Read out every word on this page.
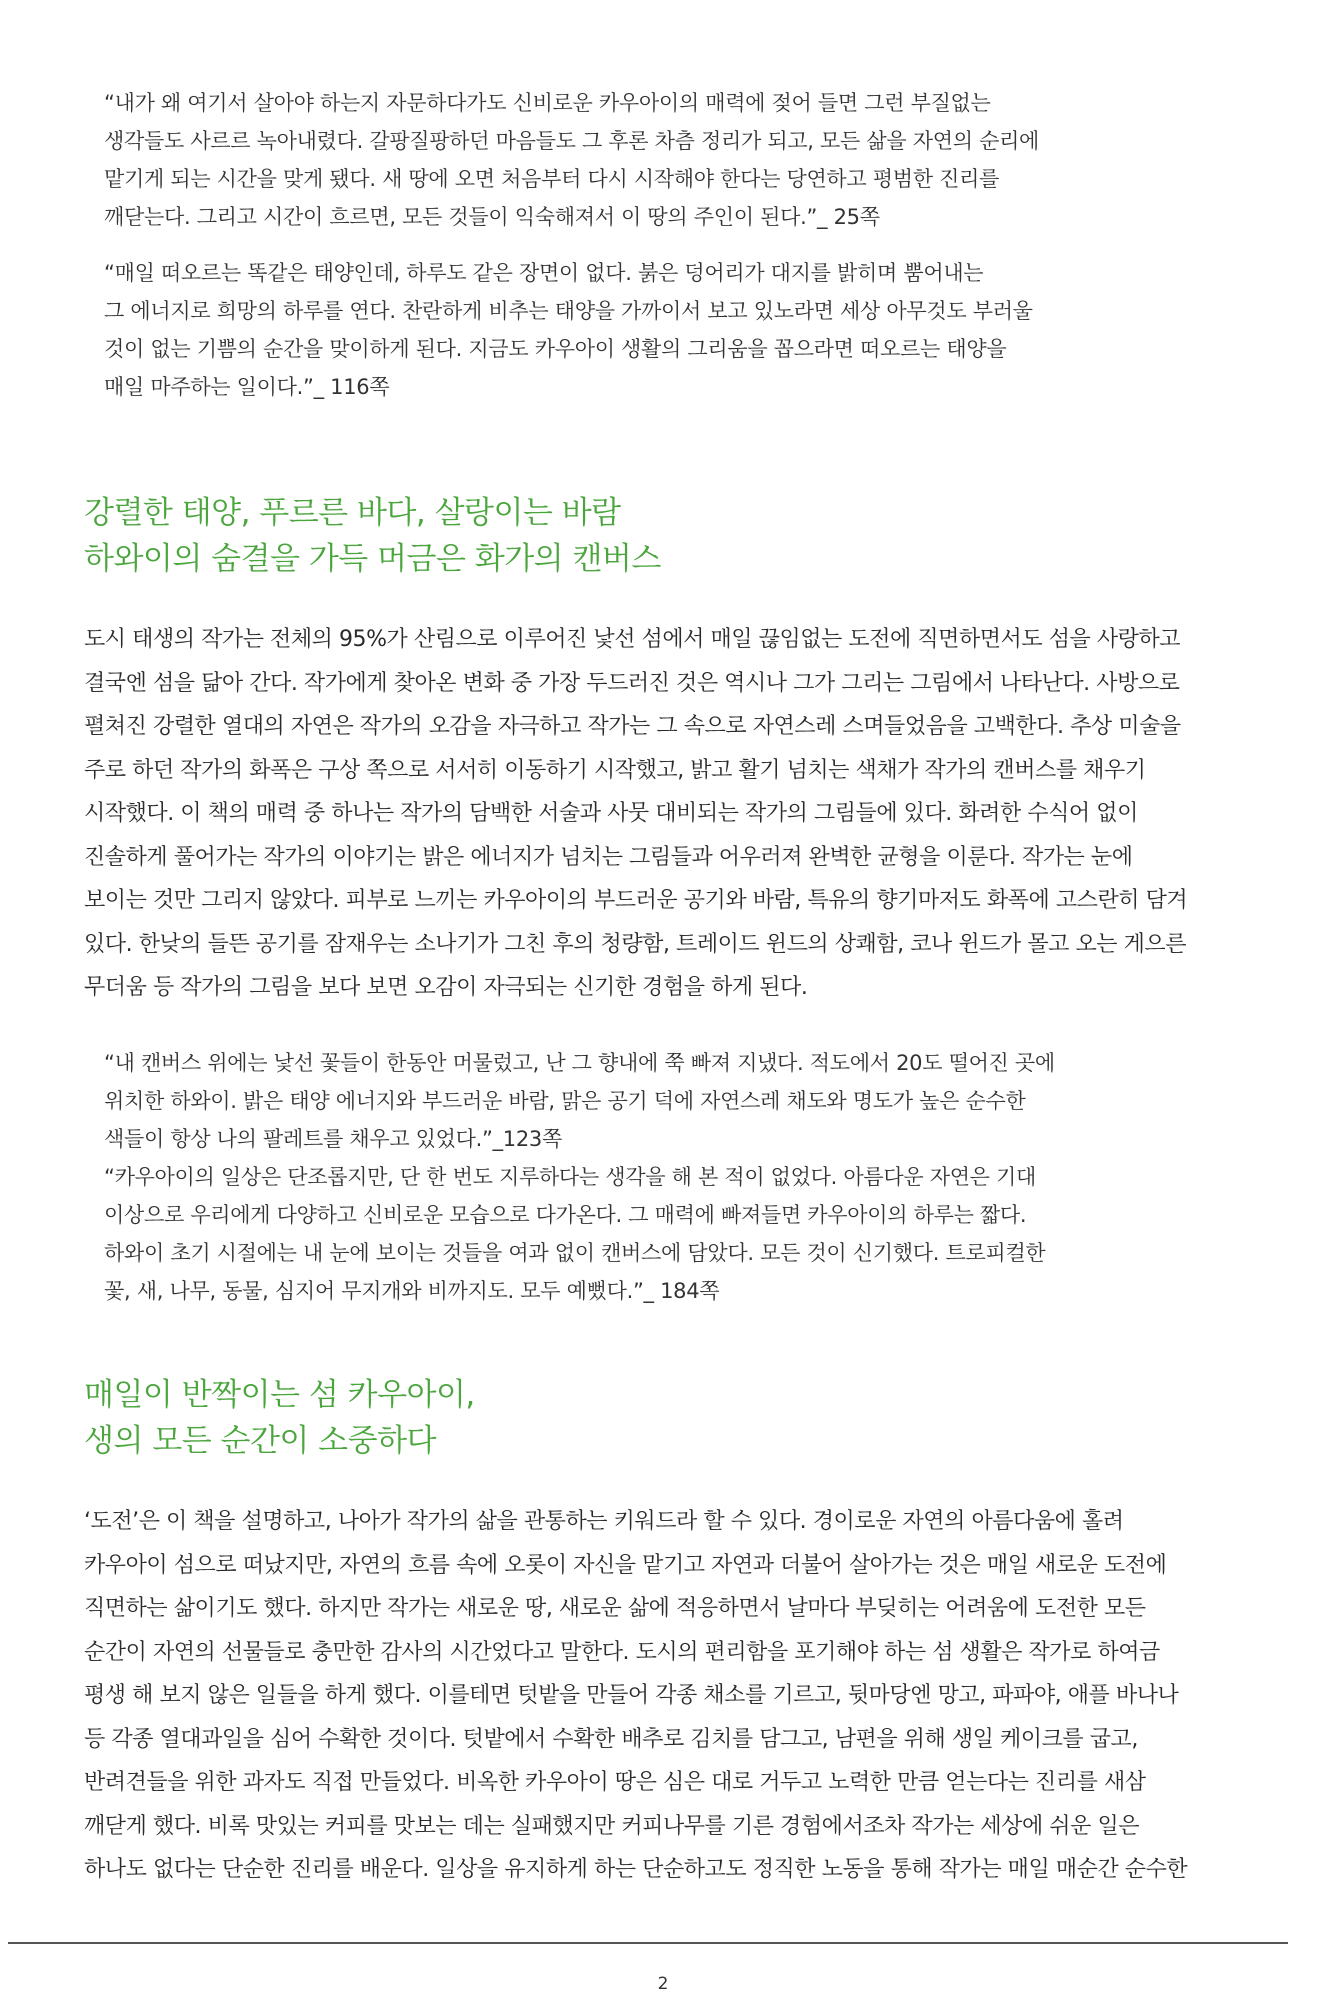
“내가 왜 여기서 살아야 하는지 자문하다가도 신비로운 카우아이의 매력에 젖어 들면 그런 부질없는
생각들도 사르르 녹아내렸다. 갈팡질팡하던 마음들도 그 후론 차츰 정리가 되고, 모든 삶을 자연의 순리에
맡기게 되는 시간을 맞게 됐다. 새 땅에 오면 처음부터 다시 시작해야 한다는 당연하고 평범한 진리를
깨닫는다. 그리고 시간이 흐르면, 모든 것들이 익숙해져서 이 땅의 주인이 된다.”_ 25쪽
“매일 떠오르는 똑같은 태양인데, 하루도 같은 장면이 없다. 붉은 덩어리가 대지를 밝히며 뿜어내는
그 에너지로 희망의 하루를 연다. 찬란하게 비추는 태양을 가까이서 보고 있노라면 세상 아무것도 부러울
것이 없는 기쁨의 순간을 맞이하게 된다. 지금도 카우아이 생활의 그리움을 꼽으라면 떠오르는 태양을
매일 마주하는 일이다.”_ 116쪽
강렬한 태양, 푸르른 바다, 살랑이는 바람
하와이의 숨결을 가득 머금은 화가의 캔버스
도시 태생의 작가는 전체의 95%가 산림으로 이루어진 낯선 섬에서 매일 끊임없는 도전에 직면하면서도 섬을 사랑하고
결국엔 섬을 닮아 간다. 작가에게 찾아온 변화 중 가장 두드러진 것은 역시나 그가 그리는 그림에서 나타난다. 사방으로
펼쳐진 강렬한 열대의 자연은 작가의 오감을 자극하고 작가는 그 속으로 자연스레 스며들었음을 고백한다. 추상 미술을
주로 하던 작가의 화폭은 구상 쪽으로 서서히 이동하기 시작했고, 밝고 활기 넘치는 색채가 작가의 캔버스를 채우기
시작했다. 이 책의 매력 중 하나는 작가의 담백한 서술과 사뭇 대비되는 작가의 그림들에 있다. 화려한 수식어 없이
진솔하게 풀어가는 작가의 이야기는 밝은 에너지가 넘치는 그림들과 어우러져 완벽한 균형을 이룬다. 작가는 눈에
보이는 것만 그리지 않았다. 피부로 느끼는 카우아이의 부드러운 공기와 바람, 특유의 향기마저도 화폭에 고스란히 담겨
있다. 한낮의 들뜬 공기를 잠재우는 소나기가 그친 후의 청량함, 트레이드 윈드의 상쾌함, 코나 윈드가 몰고 오는 게으른
무더움 등 작가의 그림을 보다 보면 오감이 자극되는 신기한 경험을 하게 된다.
“내 캔버스 위에는 낯선 꽃들이 한동안 머물렀고, 난 그 향내에 쭉 빠져 지냈다. 적도에서 20도 떨어진 곳에
위치한 하와이. 밝은 태양 에너지와 부드러운 바람, 맑은 공기 덕에 자연스레 채도와 명도가 높은 순수한
색들이 항상 나의 팔레트를 채우고 있었다.”_123쪽
“카우아이의 일상은 단조롭지만, 단 한 번도 지루하다는 생각을 해 본 적이 없었다. 아름다운 자연은 기대
이상으로 우리에게 다양하고 신비로운 모습으로 다가온다. 그 매력에 빠져들면 카우아이의 하루는 짧다.
하와이 초기 시절에는 내 눈에 보이는 것들을 여과 없이 캔버스에 담았다. 모든 것이 신기했다. 트로피컬한
꽃, 새, 나무, 동물, 심지어 무지개와 비까지도. 모두 예뻤다.”_ 184쪽
매일이 반짝이는 섬 카우아이,
생의 모든 순간이 소중하다
‘도전’은 이 책을 설명하고, 나아가 작가의 삶을 관통하는 키워드라 할 수 있다. 경이로운 자연의 아름다움에 홀려
카우아이 섬으로 떠났지만, 자연의 흐름 속에 오롯이 자신을 맡기고 자연과 더불어 살아가는 것은 매일 새로운 도전에
직면하는 삶이기도 했다. 하지만 작가는 새로운 땅, 새로운 삶에 적응하면서 날마다 부딪히는 어려움에 도전한 모든
순간이 자연의 선물들로 충만한 감사의 시간었다고 말한다. 도시의 편리함을 포기해야 하는 섬 생활은 작가로 하여금
평생 해 보지 않은 일들을 하게 했다. 이를테면 텃밭을 만들어 각종 채소를 기르고, 뒷마당엔 망고, 파파야, 애플 바나나
등 각종 열대과일을 심어 수확한 것이다. 텃밭에서 수확한 배추로 김치를 담그고, 남편을 위해 생일 케이크를 굽고,
반려견들을 위한 과자도 직접 만들었다. 비옥한 카우아이 땅은 심은 대로 거두고 노력한 만큼 얻는다는 진리를 새삼
깨닫게 했다. 비록 맛있는 커피를 맛보는 데는 실패했지만 커피나무를 기른 경험에서조차 작가는 세상에 쉬운 일은
하나도 없다는 단순한 진리를 배운다. 일상을 유지하게 하는 단순하고도 정직한 노동을 통해 작가는 매일 매순간 순수한
2
